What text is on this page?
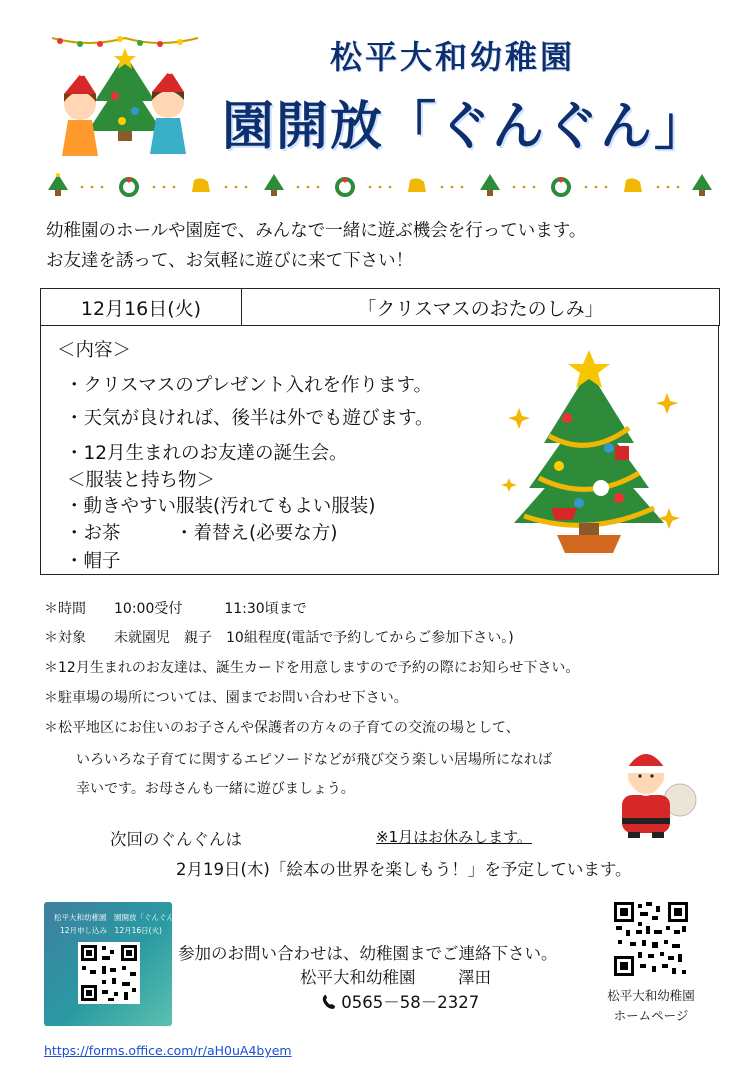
松平大和幼稚園
園開放「ぐんぐん」
幼稚園のホールや園庭で、みんなで一緒に遊ぶ機会を行っています。
お友達を誘って、お気軽に遊びに来て下さい！
12月16日(火)	「クリスマスのおたのしみ」
＜内容＞
・クリスマスのプレゼント入れを作ります。
・天気が良ければ、後半は外でも遊びます。
・12月生まれのお友達の誕生会。
＜服装と持ち物＞
・動きやすい服装(汚れてもよい服装)
・お茶	・着替え(必要な方)
・帽子
＊時間　　10:00受付　　　11:30頃まで
＊対象　　未就園児　親子　10組程度(電話で予約してからご参加下さい。)
＊12月生まれのお友達は、誕生カードを用意しますので予約の際にお知らせ下さい。
＊駐車場の場所については、園までお問い合わせ下さい。
＊松平地区にお住いのお子さんや保護者の方々の子育ての交流の場として、
いろいろな子育てに関するエピソードなどが飛び交う楽しい居場所になれば
幸いです。お母さんも一緒に遊びましょう。
次回のぐんぐんは	※1月はお休みします。
2月19日(木)「絵本の世界を楽しもう！」を予定しています。
松平大和幼稚園　園開放「ぐんぐん」
12月申し込み　12月16日(火)
参加のお問い合わせは、幼稚園までご連絡下さい。
松平大和幼稚園	澤田
0565－58－2327	松平大和幼稚園
ホームページ
https://forms.office.com/r/aH0uA4byem
